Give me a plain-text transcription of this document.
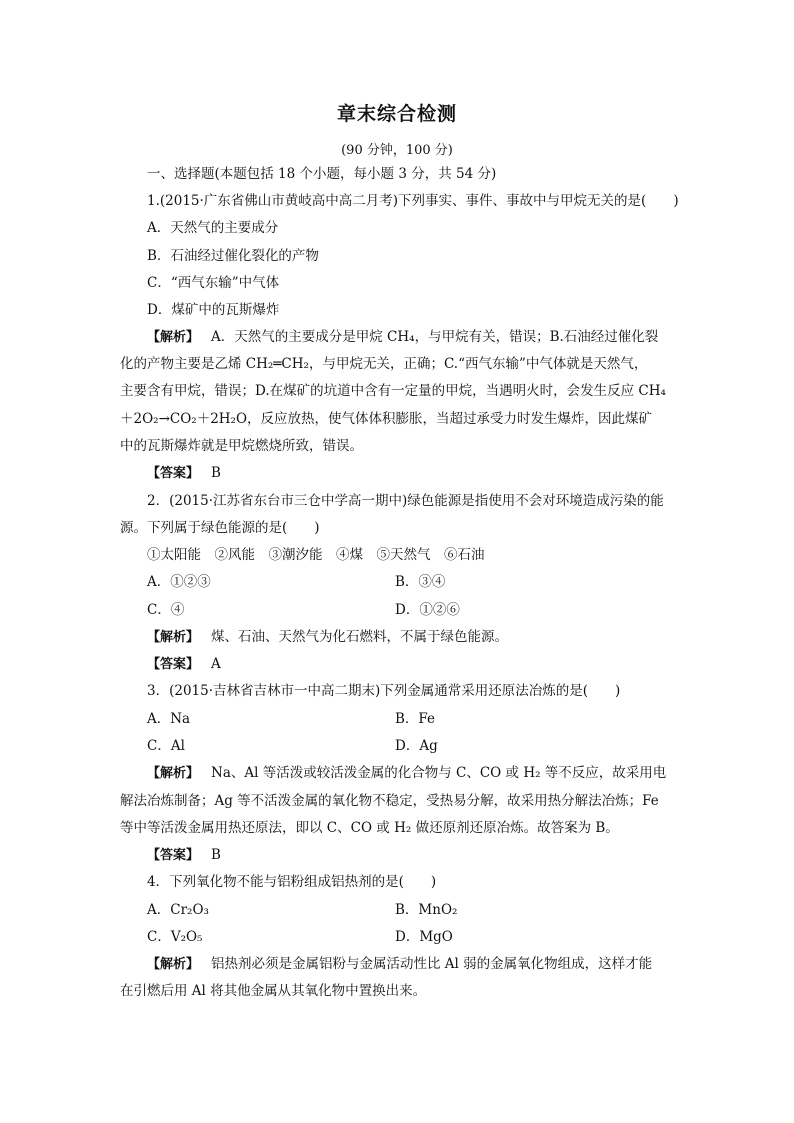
章末综合检测
(90 分钟，100 分)
一、选择题(本题包括 18 个小题，每小题 3 分，共 54 分)
1.(2015·广东省佛山市黄岐高中高二月考)下列事实、事件、事故中与甲烷无关的是(　　)
A．天然气的主要成分
B．石油经过催化裂化的产物
C．“西气东输”中气体
D．煤矿中的瓦斯爆炸
【解析】 A．天然气的主要成分是甲烷 CH₄，与甲烷有关，错误；B.石油经过催化裂
化的产物主要是乙烯 CH₂═CH₂，与甲烷无关，正确；C.“西气东输”中气体就是天然气，
主要含有甲烷，错误；D.在煤矿的坑道中含有一定量的甲烷，当遇明火时，会发生反应 CH₄
＋2O₂→CO₂＋2H₂O，反应放热，使气体体积膨胀，当超过承受力时发生爆炸，因此煤矿
中的瓦斯爆炸就是甲烷燃烧所致，错误。
【答案】 B
2．(2015·江苏省东台市三仓中学高一期中)绿色能源是指使用不会对环境造成污染的能
源。下列属于绿色能源的是(　　)
①太阳能　②风能　③潮汐能　④煤　⑤天然气　⑥石油
A．①②③	B．③④
C．④	D．①②⑥
【解析】 煤、石油、天然气为化石燃料，不属于绿色能源。
【答案】 A
3．(2015·吉林省吉林市一中高二期末)下列金属通常采用还原法冶炼的是(　　)
A．Na	B．Fe
C．Al	D．Ag
【解析】 Na、Al 等活泼或较活泼金属的化合物与 C、CO 或 H₂ 等不反应，故采用电
解法冶炼制备；Ag 等不活泼金属的氧化物不稳定，受热易分解，故采用热分解法冶炼；Fe
等中等活泼金属用热还原法，即以 C、CO 或 H₂ 做还原剂还原冶炼。故答案为 B。
【答案】 B
4．下列氧化物不能与铝粉组成铝热剂的是(　　)
A．Cr₂O₃	B．MnO₂
C．V₂O₅	D．MgO
【解析】 铝热剂必须是金属铝粉与金属活动性比 Al 弱的金属氧化物组成，这样才能
在引燃后用 Al 将其他金属从其氧化物中置换出来。
